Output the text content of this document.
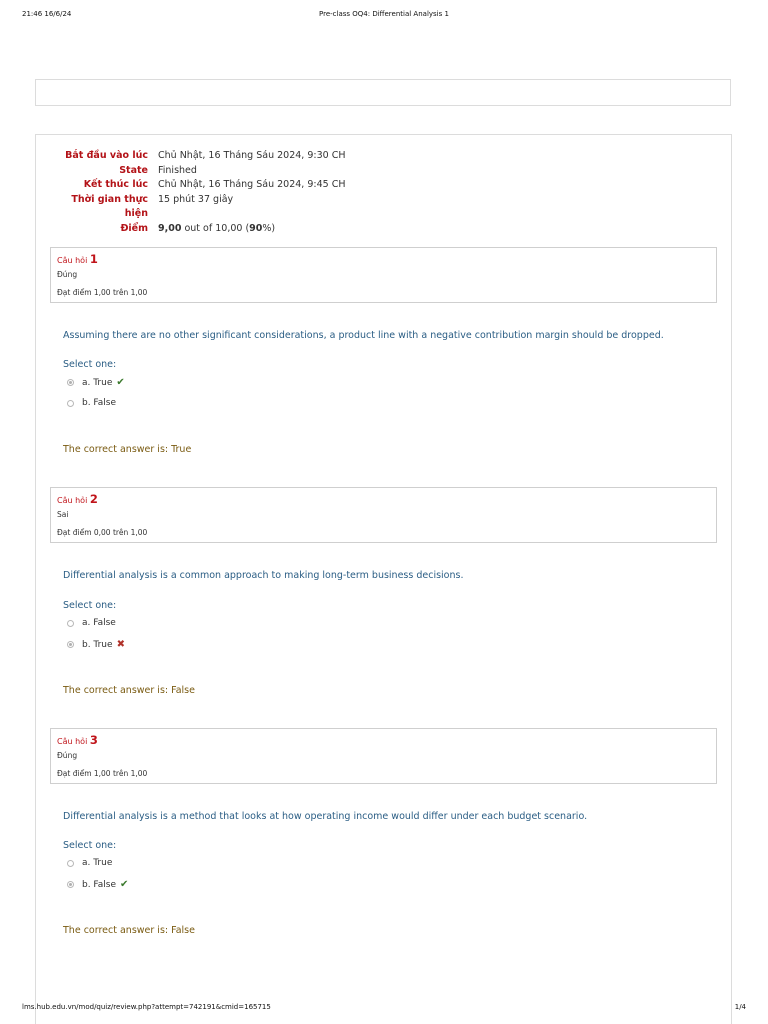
21:46 16/6/24	Pre-class OQ4: Differential Analysis 1
Bắt đầu vào lúc Chủ Nhật, 16 Tháng Sáu 2024, 9:30 CH
State Finished
Kết thúc lúc Chủ Nhật, 16 Tháng Sáu 2024, 9:45 CH
Thời gian thực
hiện
15 phút 37 giây
Điểm 9,00 out of 10,00 (90%)
Câu hỏi 1
Đúng
Đạt điểm 1,00 trên 1,00
Assuming there are no other significant considerations, a product line with a negative contribution margin should be dropped.
Select one:
a. True ✔
b. False
The correct answer is: True
Câu hỏi 2
Sai
Đạt điểm 0,00 trên 1,00
Differential analysis is a common approach to making long-term business decisions.
Select one:
a. False
b. True ✖
The correct answer is: False
Câu hỏi 3
Đúng
Đạt điểm 1,00 trên 1,00
Differential analysis is a method that looks at how operating income would differ under each budget scenario.
Select one:
a. True
b. False ✔
The correct answer is: False
lms.hub.edu.vn/mod/quiz/review.php?attempt=742191&cmid=165715	1/4
